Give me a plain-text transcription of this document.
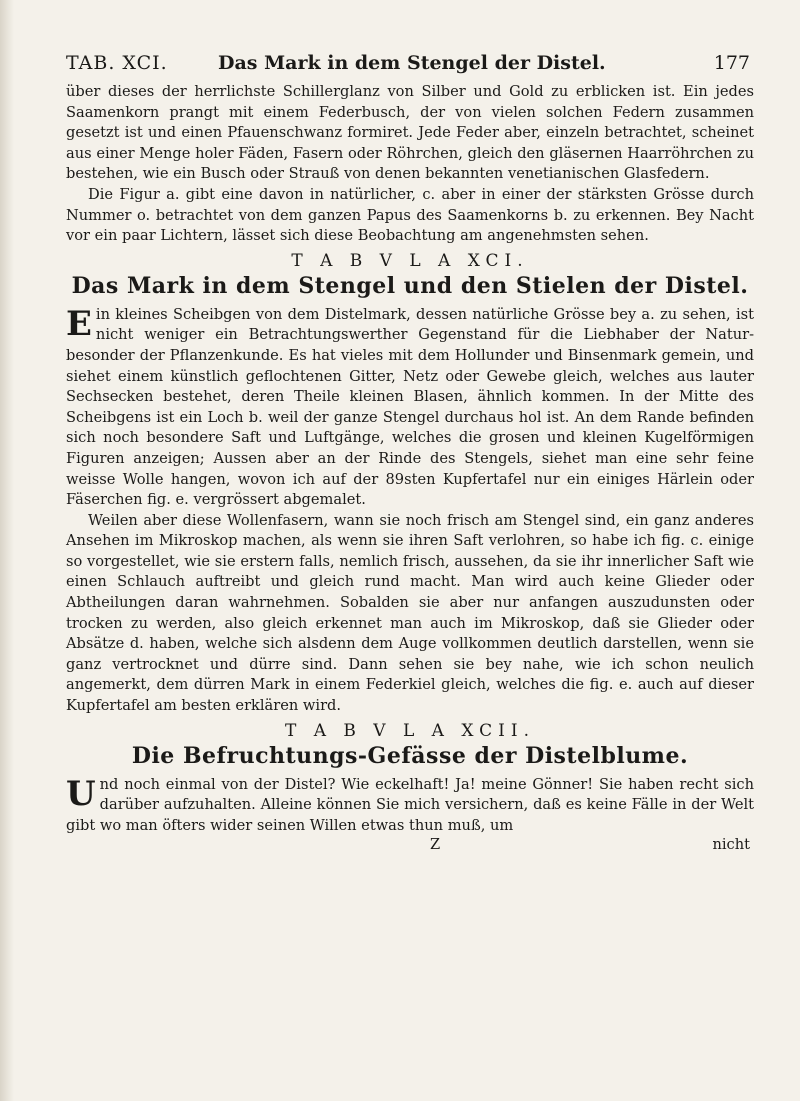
TAB. XCI.	Das Mark in dem Stengel der Distel.	177

über dieses der herrlichste Schillerglanz von Silber und Gold zu erblicken ist. Ein jedes Saamenkorn prangt mit einem Federbusch, der von vielen solchen Federn zusammen gesetzt ist und einen Pfauenschwanz formiret. Jede Feder aber, einzeln betrachtet, scheinet aus einer Menge holer Fäden, Fasern oder Röhrchen, gleich den gläsernen Haarröhrchen zu bestehen, wie ein Busch oder Strauß von denen bekannten venetianischen Glasfedern.

Die Figur a. gibt eine davon in natürlicher, c. aber in einer der stärksten Grösse durch Nummer o. betrachtet von dem ganzen Papus des Saamenkorns b. zu erkennen. Bey Nacht vor ein paar Lichtern, lässet sich diese Beobachtung am angenehmsten sehen.

T A B V L A XCI.
Das Mark in dem Stengel und den Stielen der Distel.

Ein kleines Scheibgen von dem Distelmark, dessen natürliche Grösse bey a. zu sehen, ist nicht weniger ein Betrachtungswerther Gegenstand für die Liebhaber der Natur- besonder der Pflanzenkunde. Es hat vieles mit dem Hollunder und Binsenmark gemein, und siehet einem künstlich geflochtenen Gitter, Netz oder Gewebe gleich, welches aus lauter Sechsecken bestehet, deren Theile kleinen Blasen, ähnlich kommen. In der Mitte des Scheibgens ist ein Loch b. weil der ganze Stengel durchaus hol ist. An dem Rande befinden sich noch besondere Saft und Luftgänge, welches die grosen und kleinen Kugelförmigen Figuren anzeigen; Aussen aber an der Rinde des Stengels, siehet man eine sehr feine weisse Wolle hangen, wovon ich auf der 89sten Kupfertafel nur ein einiges Härlein oder Fäserchen fig. e. vergrössert abgemalet.

Weilen aber diese Wollenfasern, wann sie noch frisch am Stengel sind, ein ganz anderes Ansehen im Mikroskop machen, als wenn sie ihren Saft verlohren, so habe ich fig. c. einige so vorgestellet, wie sie erstern falls, nemlich frisch, aussehen, da sie ihr innerlicher Saft wie einen Schlauch auftreibt und gleich rund macht. Man wird auch keine Glieder oder Abtheilungen daran wahrnehmen. Sobalden sie aber nur anfangen auszudunsten oder trocken zu werden, also gleich erkennet man auch im Mikroskop, daß sie Glieder oder Absätze d. haben, welche sich alsdenn dem Auge vollkommen deutlich darstellen, wenn sie ganz vertrocknet und dürre sind. Dann sehen sie bey nahe, wie ich schon neulich angemerkt, dem dürren Mark in einem Federkiel gleich, welches die fig. e. auch auf dieser Kupfertafel am besten erklären wird.

T A B V L A XCII.
Die Befruchtungs-Gefässe der Distelblume.

Und noch einmal von der Distel? Wie eckelhaft! Ja! meine Gönner! Sie haben recht sich darüber aufzuhalten. Alleine können Sie mich versichern, daß es keine Fälle in der Welt gibt wo man öfters wider seinen Willen etwas thun muß, um

Z	nicht
